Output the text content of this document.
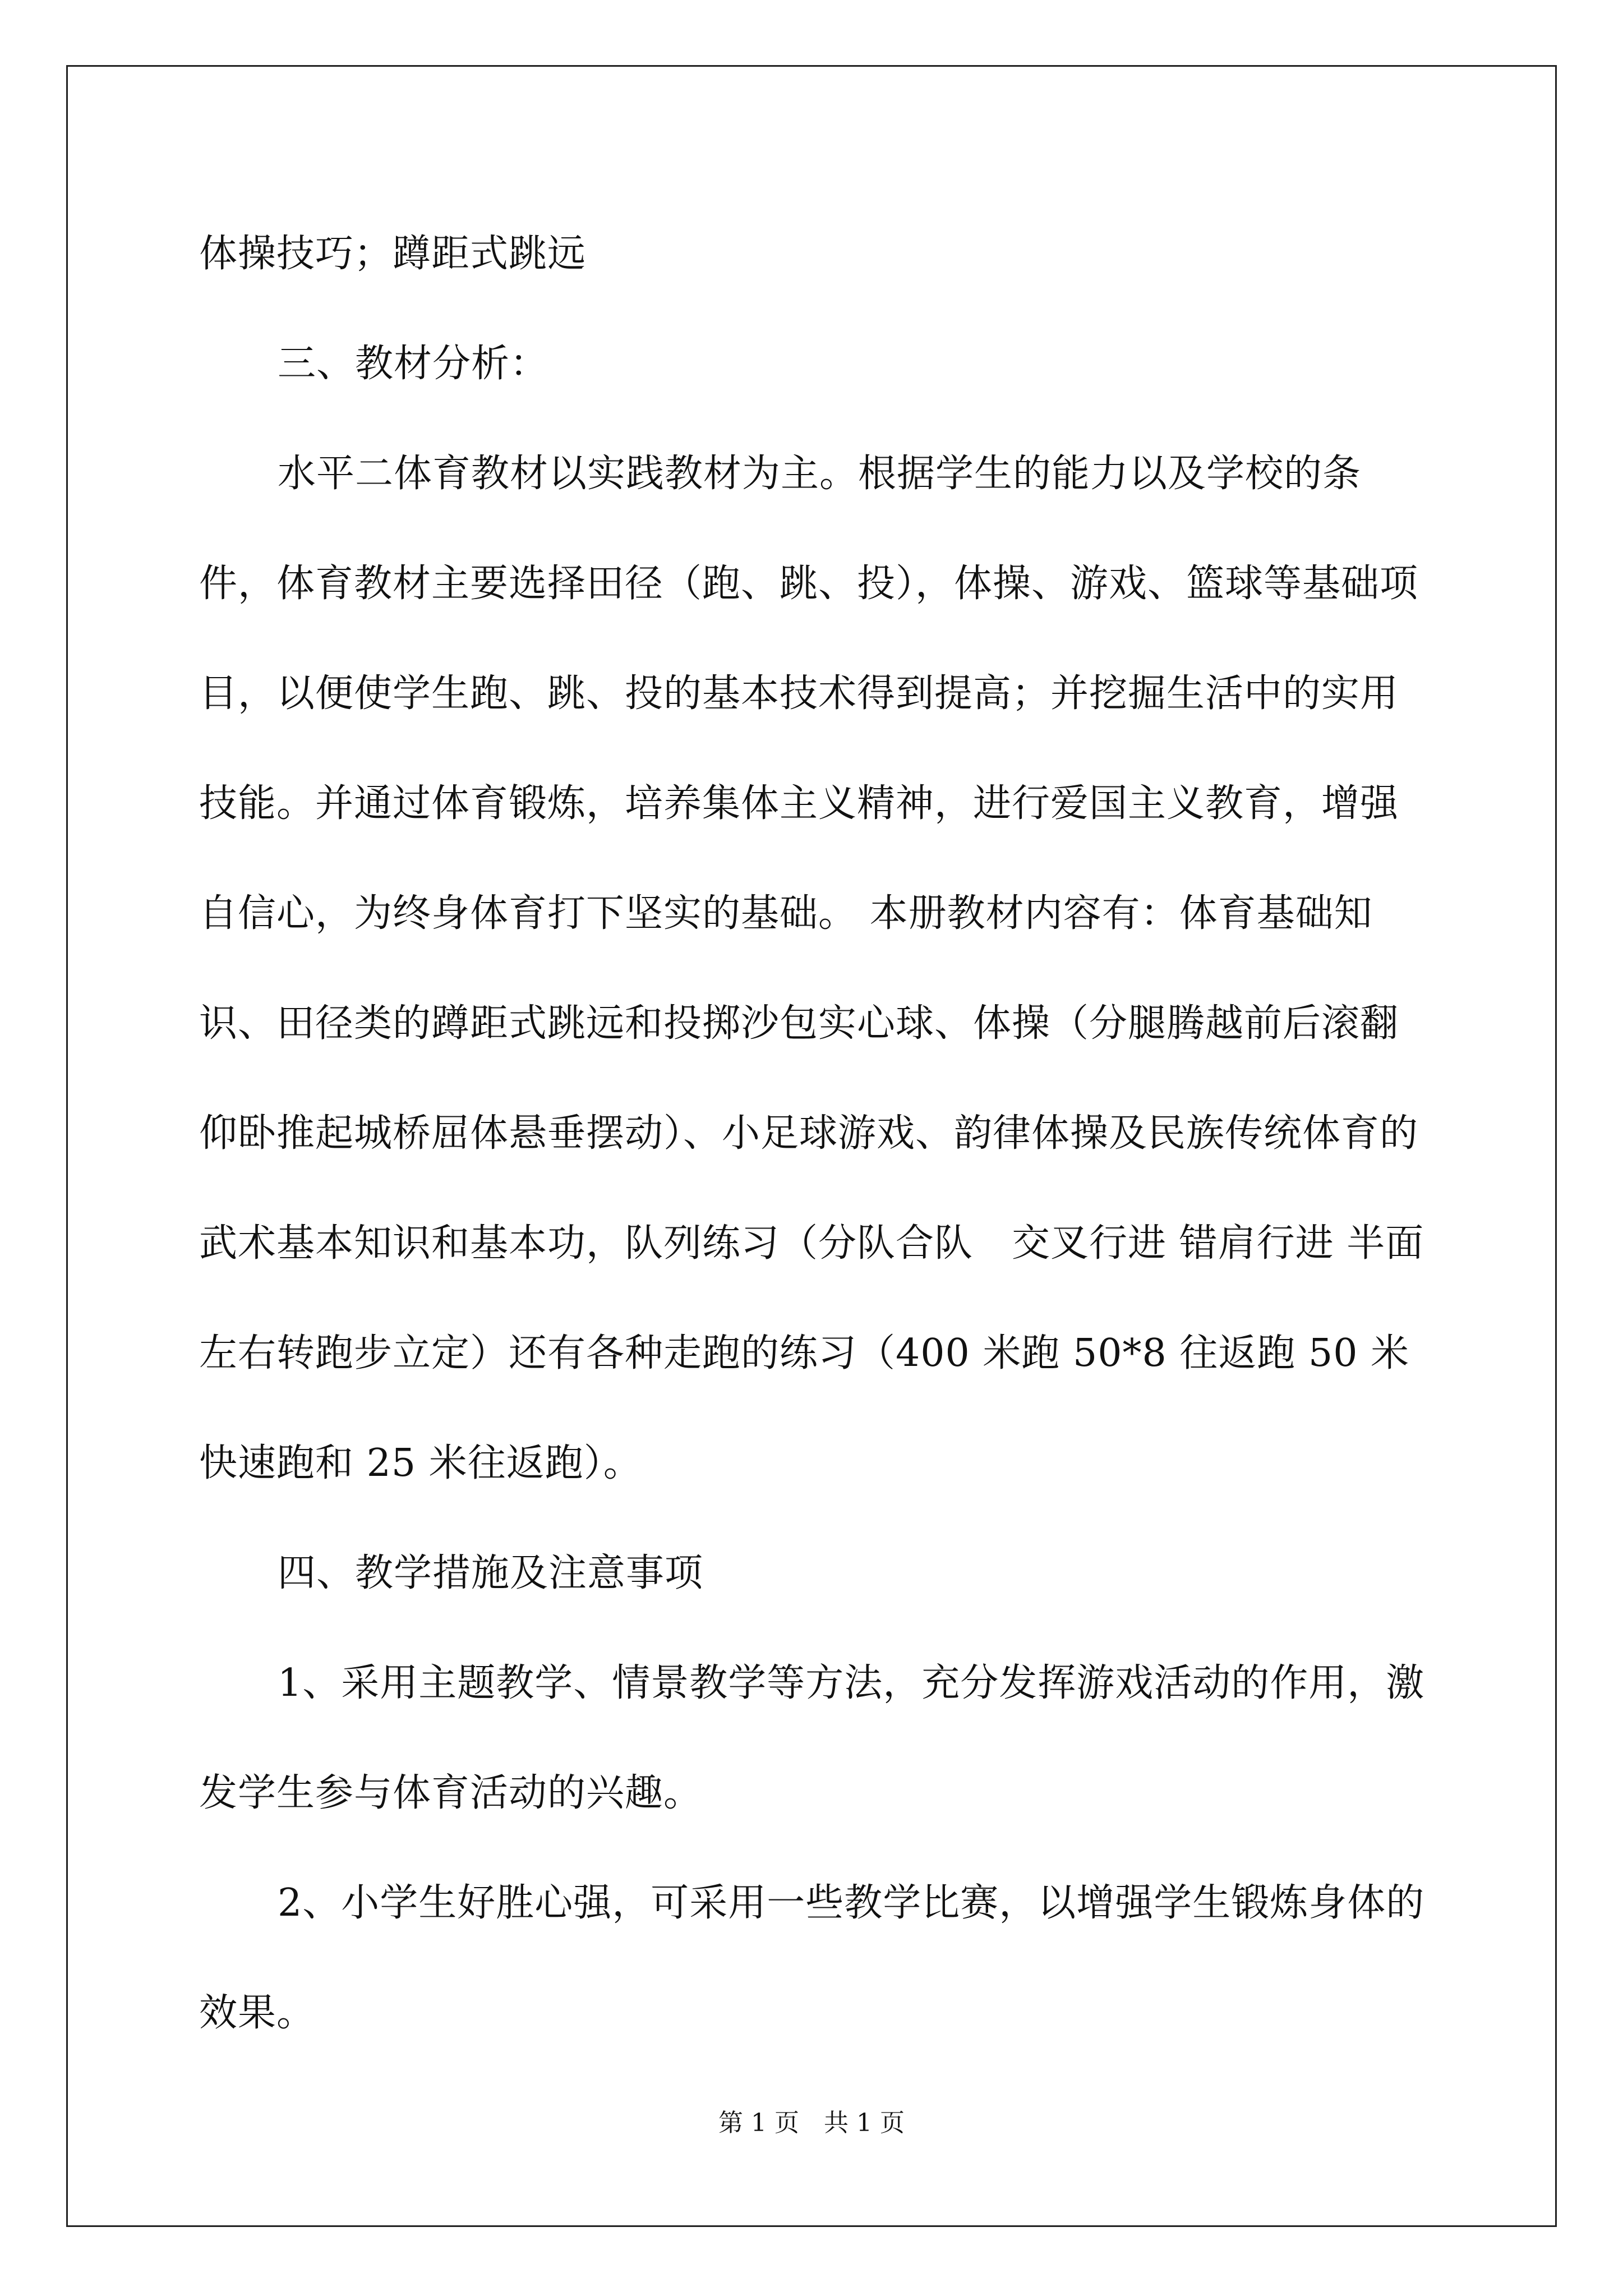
体操技巧；蹲距式跳远

三、教材分析：

水平二体育教材以实践教材为主。根据学生的能力以及学校的条件，体育教材主要选择田径（跑、跳、投），体操、游戏、篮球等基础项目，以便使学生跑、跳、投的基本技术得到提高；并挖掘生活中的实用技能。并通过体育锻炼，培养集体主义精神，进行爱国主义教育，增强自信心，为终身体育打下坚实的基础。 本册教材内容有：体育基础知识、田径类的蹲距式跳远和投掷沙包实心球、体操（分腿腾越前后滚翻仰卧推起城桥屈体悬垂摆动）、小足球游戏、韵律体操及民族传统体育的武术基本知识和基本功，队列练习（分队合队　交叉行进 错肩行进 半面左右转跑步立定）还有各种走跑的练习（400 米跑 50*8 往返跑 50 米快速跑和 25 米往返跑）。

四、教学措施及注意事项

1、采用主题教学、情景教学等方法，充分发挥游戏活动的作用，激发学生参与体育活动的兴趣。

2、小学生好胜心强，可采用一些教学比赛，以增强学生锻炼身体的效果。

第 1 页　共 1 页
